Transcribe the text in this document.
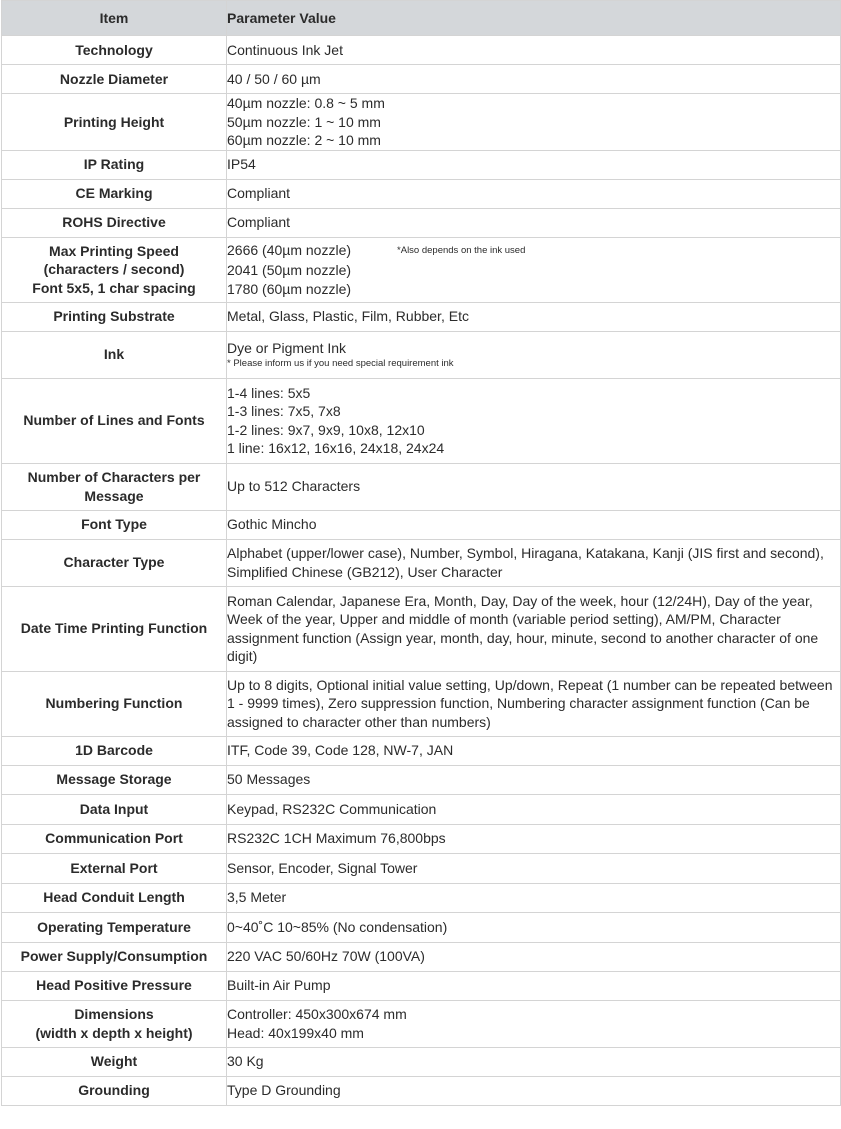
Item	Parameter Value
Technology	Continuous Ink Jet

Nozzle Diameter	40 / 50 / 60 µm

Printing Height	40µm nozzle: 0.8 ~ 5 mm
50µm nozzle: 1 ~ 10 mm
60µm nozzle: 2 ~ 10 mm

IP Rating	IP54

CE Marking	Compliant

ROHS Directive	Compliant

Max Printing Speed
(characters / second)
Font 5x5, 1 char spacing	2666 (40µm nozzle) *Also depends on the ink used
2041 (50µm nozzle)
1780 (60µm nozzle)

Printing Substrate	Metal, Glass, Plastic, Film, Rubber, Etc

Ink	Dye or Pigment Ink
* Please inform us if you need special requirement ink

Number of Lines and Fonts	1-4 lines: 5x5
1-3 lines: 7x5, 7x8
1-2 lines: 9x7, 9x9, 10x8, 12x10
1 line: 16x12, 16x16, 24x18, 24x24

Number of Characters per Message	Up to 512 Characters

Font Type	Gothic Mincho

Character Type	Alphabet (upper/lower case), Number, Symbol, Hiragana, Katakana, Kanji (JIS first and second), Simplified Chinese (GB212), User Character
Date Time Printing Function	Roman Calendar, Japanese Era, Month, Day, Day of the week, hour (12/24H), Day of the year, Week of the year, Upper and middle of month (variable period setting), AM/PM, Character assignment function (Assign year, month, day, hour, minute, second to another character of one digit)
Numbering Function	Up to 8 digits, Optional initial value setting, Up/down, Repeat (1 number can be repeated between 1 - 9999 times), Zero suppression function, Numbering character assignment function (Can be assigned to character other than numbers)
1D Barcode	ITF, Code 39, Code 128, NW-7, JAN

Message Storage	50 Messages

Data Input	Keypad, RS232C Communication

Communication Port	RS232C 1CH Maximum 76,800bps

External Port	Sensor, Encoder, Signal Tower

Head Conduit Length	3,5 Meter

Operating Temperature	0~40˚C 10~85% (No condensation)

Power Supply/Consumption	220 VAC 50/60Hz 70W (100VA)

Head Positive Pressure	Built-in Air Pump

Dimensions
(width x depth x height)	Controller: 450x300x674 mm
Head: 40x199x40 mm

Weight	30 Kg

Grounding	Type D Grounding
